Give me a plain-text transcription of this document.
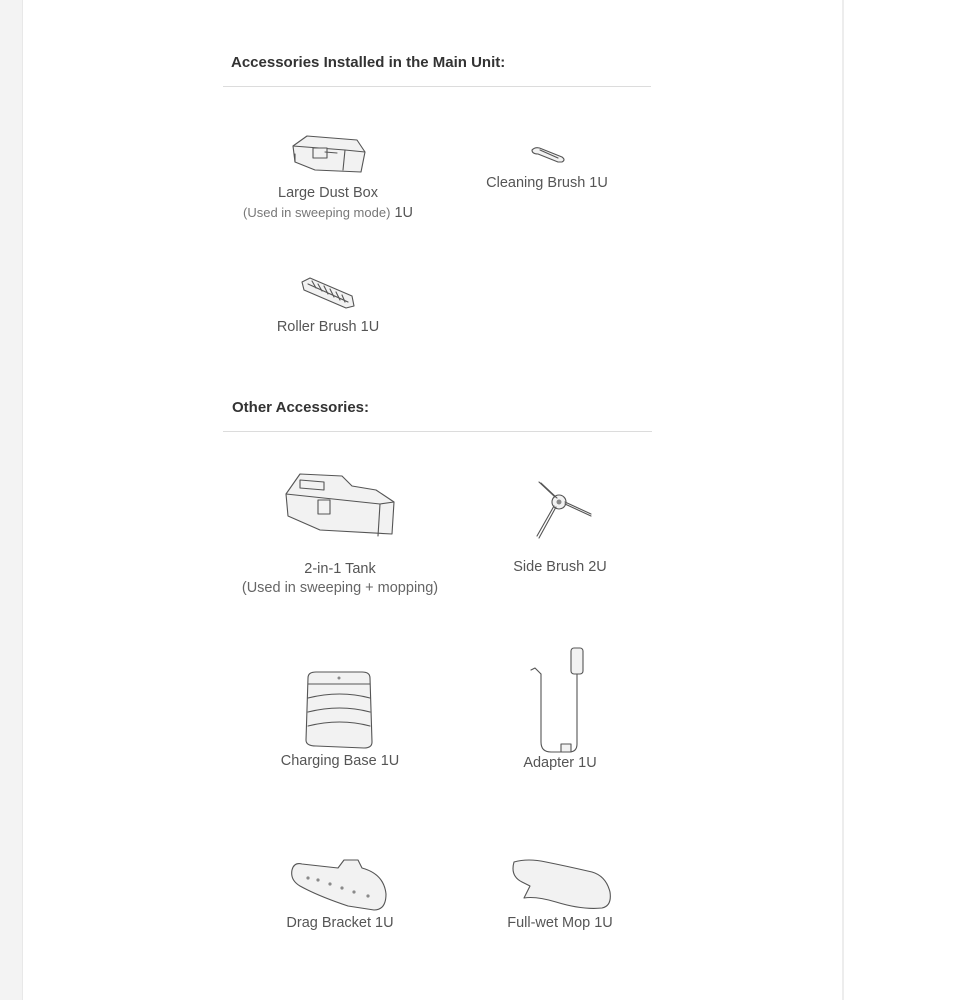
Accessories Installed in the Main Unit:
Large Dust Box
(Used in sweeping mode) 1U
Cleaning Brush 1U
Roller Brush 1U
Other Accessories:
2-in-1 Tank
(Used in sweeping + mopping)
Side Brush 2U
Charging Base 1U	Adapter 1U
Drag Bracket 1U	Full-wet Mop 1U
